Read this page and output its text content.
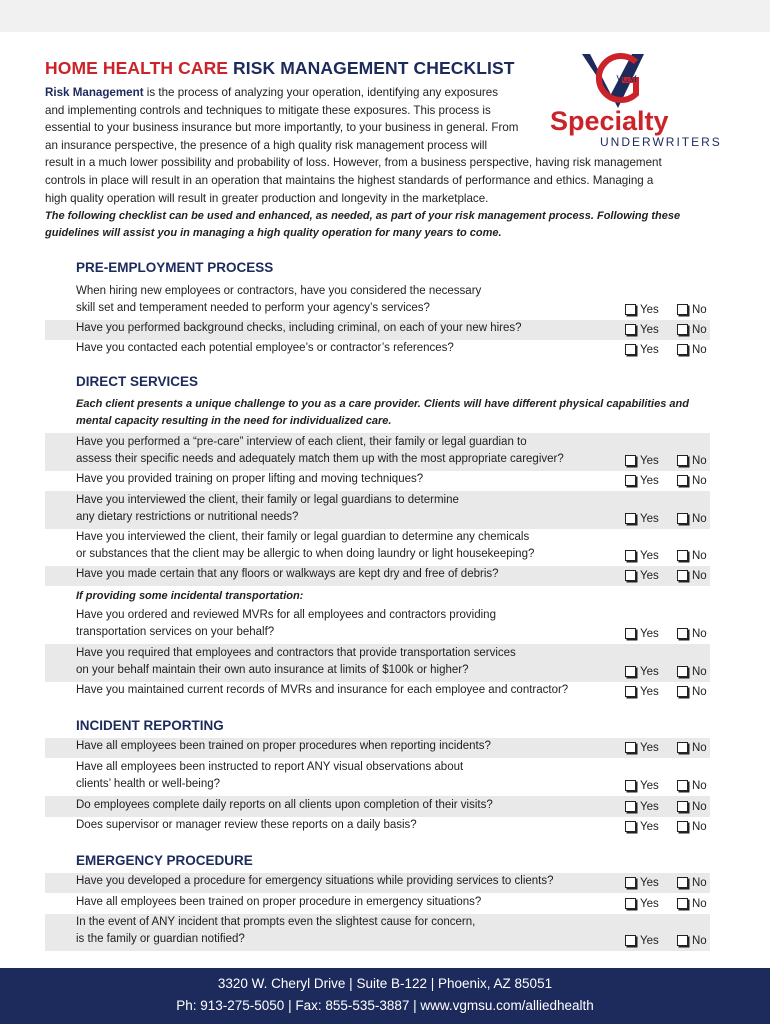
HOME HEALTH CARE RISK MANAGEMENT CHECKLIST
VGM
Specialty
UNDERWRITERS
Risk Management is the process of analyzing your operation, identifying any exposures
and implementing controls and techniques to mitigate these exposures. This process is
essential to your business insurance but more importantly, to your business in general. From
an insurance perspective, the presence of a high quality risk management process will
result in a much lower possibility and probability of loss. However, from a business perspective, having risk management
controls in place will result in an operation that maintains the highest standards of performance and ethics. Managing a
high quality operation will result in greater production and longevity in the marketplace.
The following checklist can be used and enhanced, as needed, as part of your risk management process. Following these
guidelines will assist you in managing a high quality operation for many years to come.
PRE-EMPLOYMENT PROCESS
When hiring new employees or contractors, have you considered the necessary
skill set and temperament needed to perform your agency’s services?	Yes	No
Have you performed background checks, including criminal, on each of your new hires?	Yes	No
Have you contacted each potential employee’s or contractor’s references?	Yes	No
DIRECT SERVICES
Each client presents a unique challenge to you as a care provider. Clients will have different physical capabilities and
mental capacity resulting in the need for individualized care.
Have you performed a “pre-care” interview of each client, their family or legal guardian to
assess their specific needs and adequately match them up with the most appropriate caregiver?	Yes	No
Have you provided training on proper lifting and moving techniques?	Yes	No
Have you interviewed the client, their family or legal guardians to determine
any dietary restrictions or nutritional needs?	Yes	No
Have you interviewed the client, their family or legal guardian to determine any chemicals
or substances that the client may be allergic to when doing laundry or light housekeeping?	Yes	No
Have you made certain that any floors or walkways are kept dry and free of debris?	Yes	No
If providing some incidental transportation:
Have you ordered and reviewed MVRs for all employees and contractors providing
transportation services on your behalf?	Yes	No
Have you required that employees and contractors that provide transportation services
on your behalf maintain their own auto insurance at limits of $100k or higher?	Yes	No
Have you maintained current records of MVRs and insurance for each employee and contractor?	Yes	No
INCIDENT REPORTING
Have all employees been trained on proper procedures when reporting incidents?	Yes	No
Have all employees been instructed to report ANY visual observations about
clients’ health or well-being?	Yes	No
Do employees complete daily reports on all clients upon completion of their visits?	Yes	No
Does supervisor or manager review these reports on a daily basis?	Yes	No
EMERGENCY PROCEDURE
Have you developed a procedure for emergency situations while providing services to clients?	Yes	No
Have all employees been trained on proper procedure in emergency situations?	Yes	No
In the event of ANY incident that prompts even the slightest cause for concern,
is the family or guardian notified?	Yes	No
3320 W. Cheryl Drive | Suite B-122 | Phoenix, AZ 85051
Ph: 913-275-5050 | Fax: 855-535-3887 | www.vgmsu.com/alliedhealth
